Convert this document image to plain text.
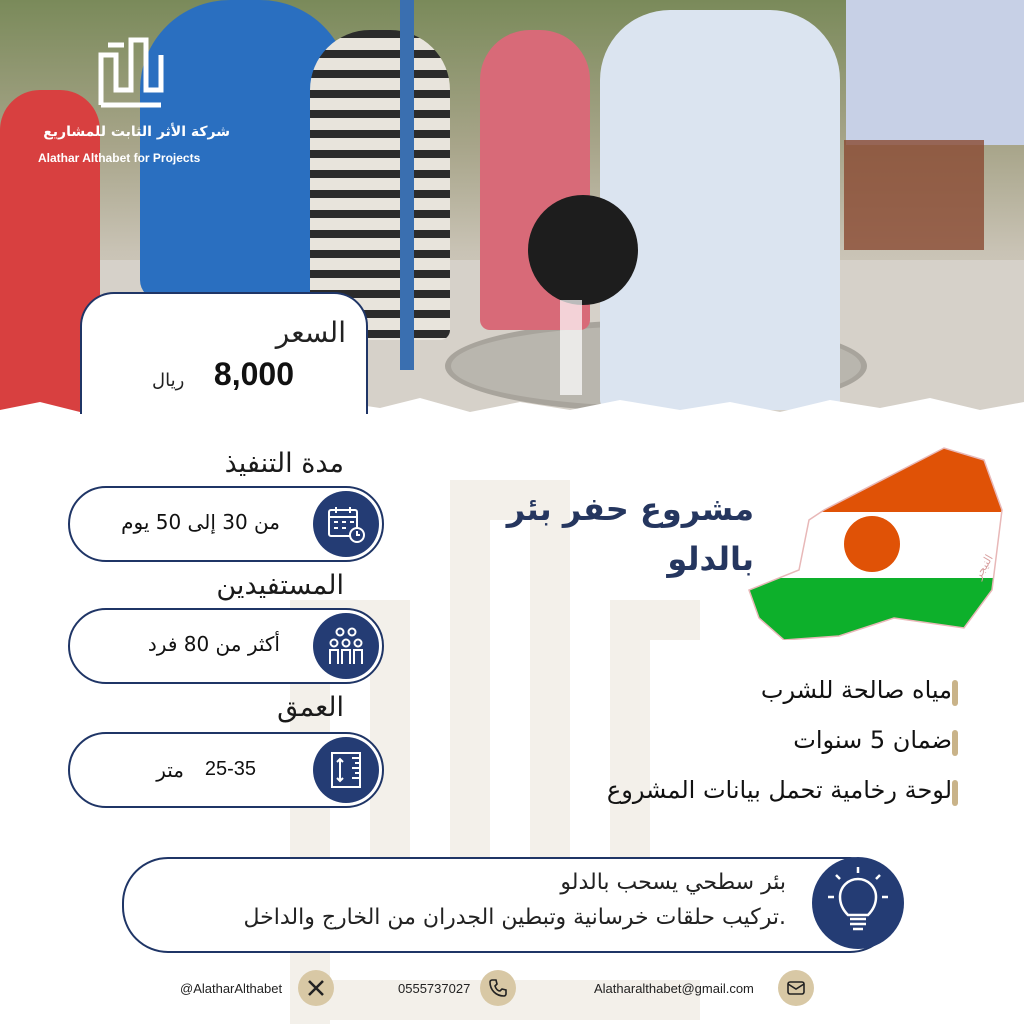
شركة الأثر الثابت للمشاريع
Alathar Althabet for Projects
السعر
8,000
ريال
مدة التنفيذ
من 30 إلى 50 يوم
المستفيدين
أكثر من 80 فرد
العمق
25-35
متر
مشروع حفر بئر
بالدلو	النيجر
مياه صالحة للشرب
ضمان 5 سنوات
لوحة رخامية تحمل بيانات المشروع
بئر سطحي يسحب بالدلو
تركيب حلقات خرسانية وتبطين الجدران من الخارج والداخل.
@AlatharAlthabet	0555737027	Alatharalthabet@gmail.com
